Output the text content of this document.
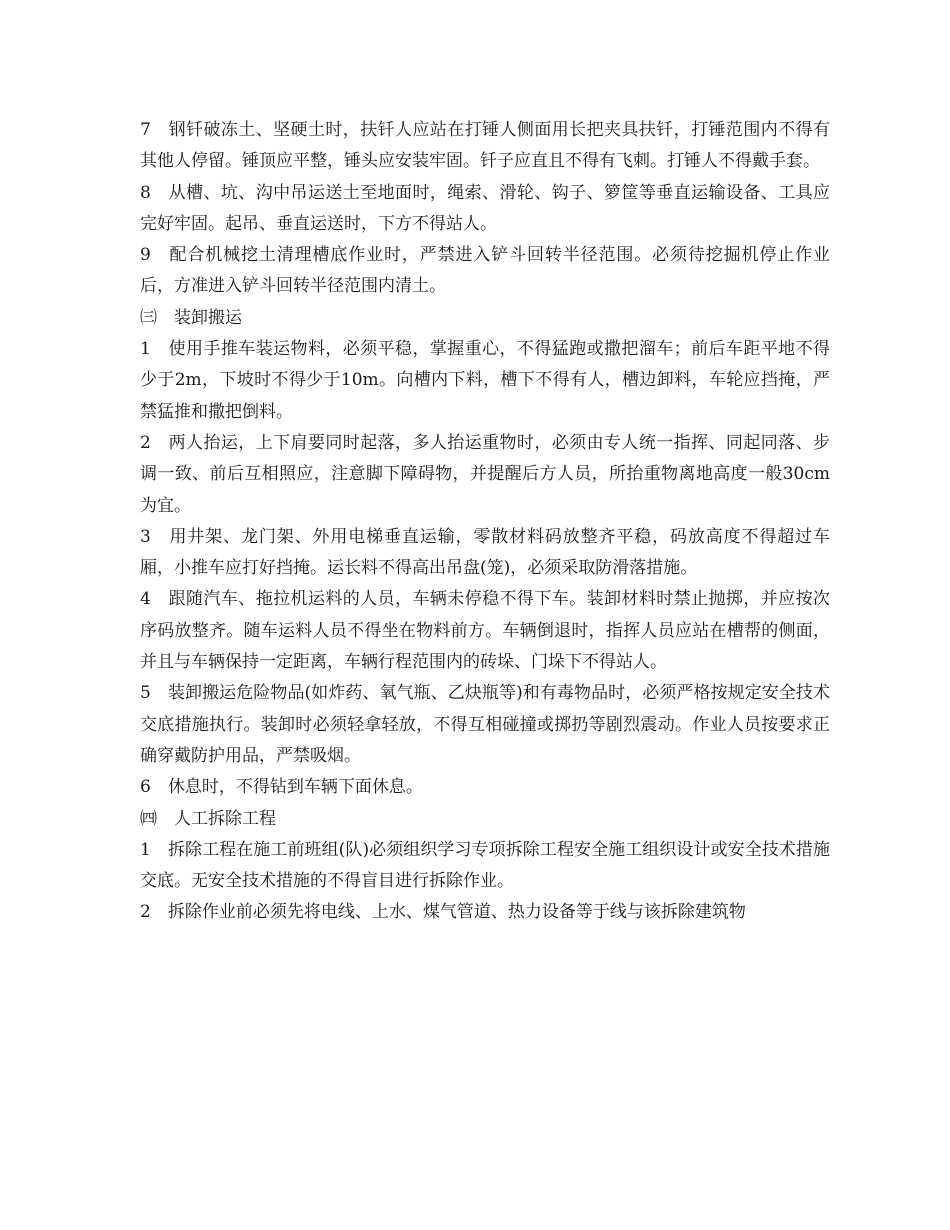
7　钢钎破冻土、坚硬土时，扶钎人应站在打锤人侧面用长把夹具扶钎，打锤范围内不得有其他人停留。锤顶应平整，锤头应安装牢固。钎子应直且不得有飞刺。打锤人不得戴手套。

8　从槽、坑、沟中吊运送土至地面时，绳索、滑轮、钩子、箩筐等垂直运输设备、工具应完好牢固。起吊、垂直运送时，下方不得站人。

9　配合机械挖土清理槽底作业时，严禁进入铲斗回转半径范围。必须待挖掘机停止作业后，方准进入铲斗回转半径范围内清土。

㈢　装卸搬运

1　使用手推车装运物料，必须平稳，掌握重心，不得猛跑或撒把溜车；前后车距平地不得少于2m，下坡时不得少于10m。向槽内下料，槽下不得有人，槽边卸料，车轮应挡掩，严禁猛推和撒把倒料。

2　两人抬运，上下肩要同时起落，多人抬运重物时，必须由专人统一指挥、同起同落、步调一致、前后互相照应，注意脚下障碍物，并提醒后方人员，所抬重物离地高度一般30cm为宜。

3　用井架、龙门架、外用电梯垂直运输，零散材料码放整齐平稳，码放高度不得超过车厢，小推车应打好挡掩。运长料不得高出吊盘(笼)，必须采取防滑落措施。

4　跟随汽车、拖拉机运料的人员，车辆未停稳不得下车。装卸材料时禁止抛掷，并应按次序码放整齐。随车运料人员不得坐在物料前方。车辆倒退时，指挥人员应站在槽帮的侧面，并且与车辆保持一定距离，车辆行程范围内的砖垛、门垛下不得站人。

5　装卸搬运危险物品(如炸药、氧气瓶、乙炔瓶等)和有毒物品时，必须严格按规定安全技术交底措施执行。装卸时必须轻拿轻放，不得互相碰撞或掷扔等剧烈震动。作业人员按要求正确穿戴防护用品，严禁吸烟。

6　休息时，不得钻到车辆下面休息。

㈣　人工拆除工程

1　拆除工程在施工前班组(队)必须组织学习专项拆除工程安全施工组织设计或安全技术措施交底。无安全技术措施的不得盲目进行拆除作业。

2　拆除作业前必须先将电线、上水、煤气管道、热力设备等于线与该拆除建筑物
